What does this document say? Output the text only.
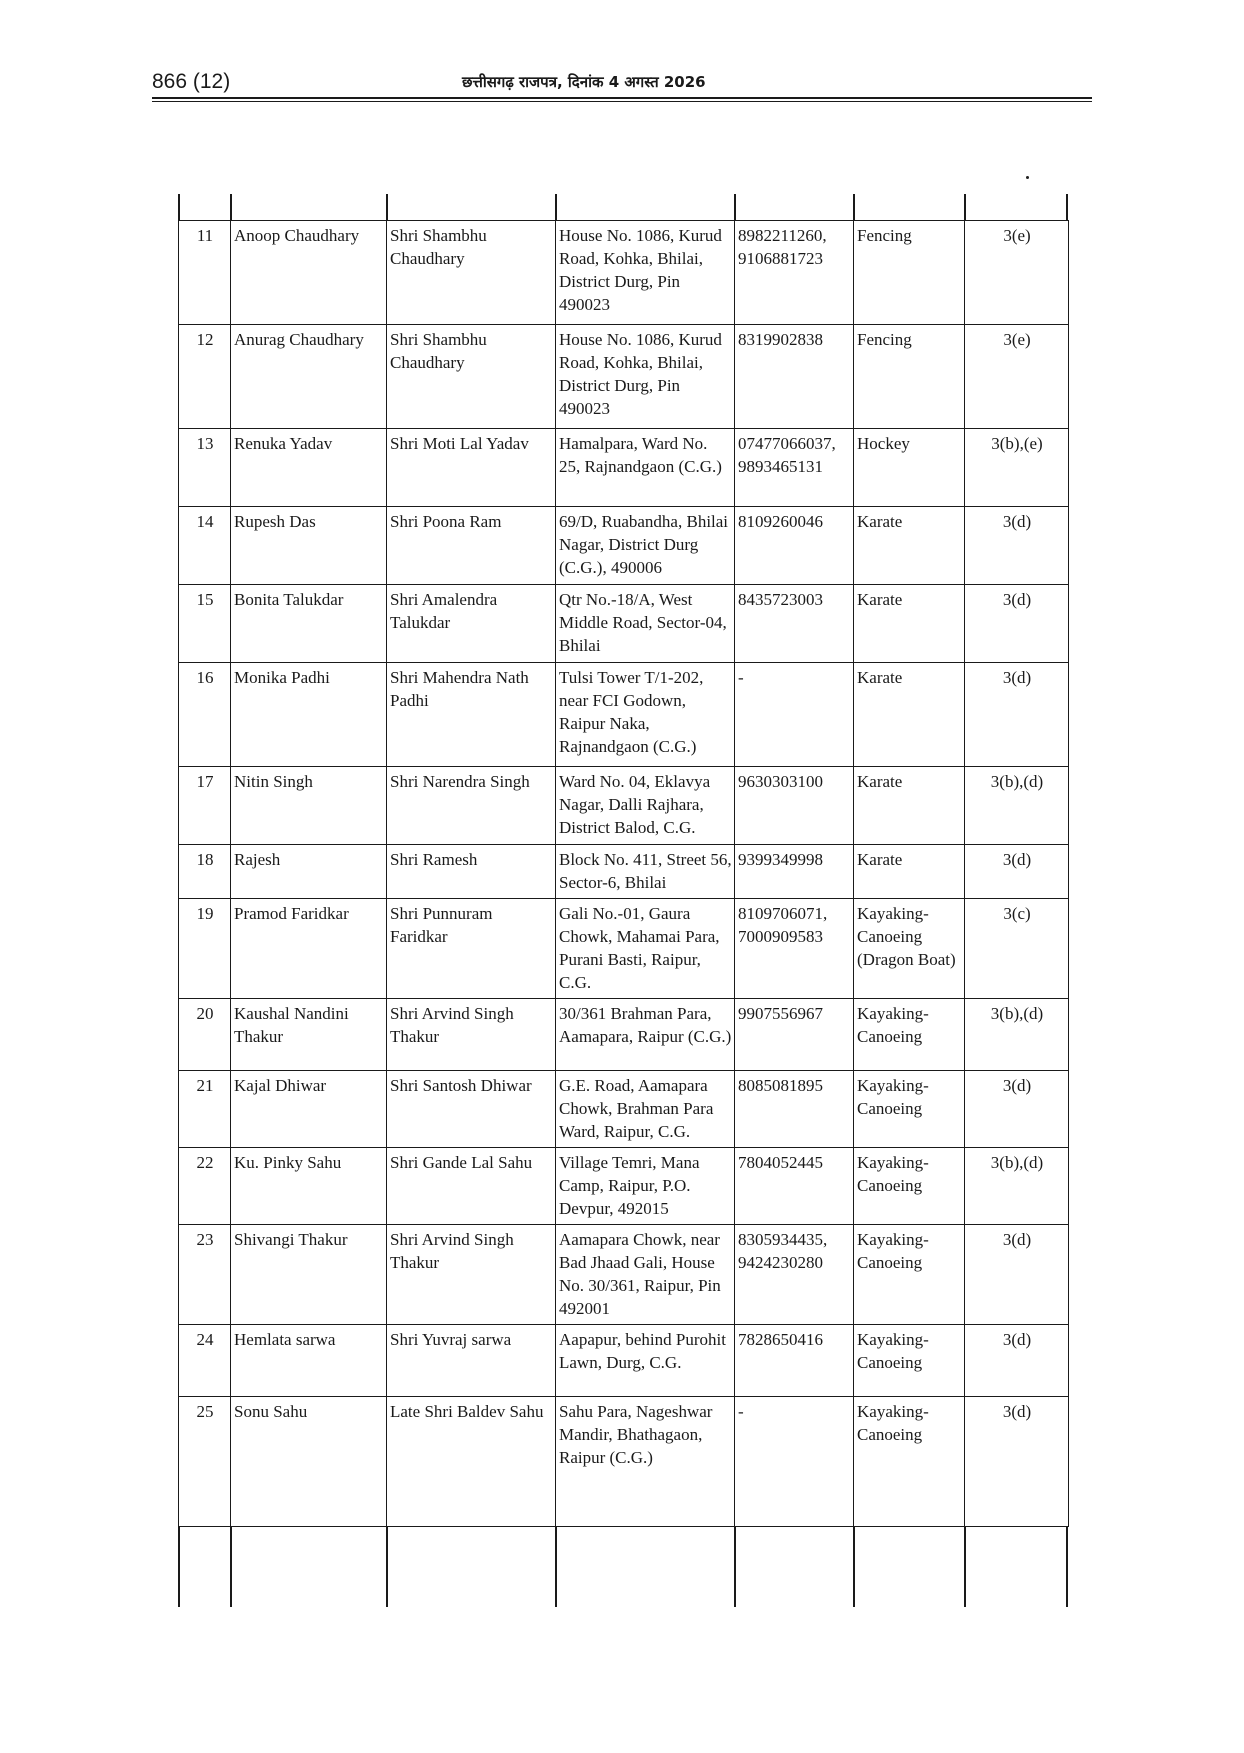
866 (12)	छत्तीसगढ़ राजपत्र, दिनांक 4 अगस्त 2026
11	Anoop Chaudhary	Shri Shambhu Chaudhary	House No. 1086, Kurud Road, Kohka, Bhilai, District Durg, Pin 490023	8982211260, 9106881723	Fencing	3(e)
12	Anurag Chaudhary	Shri Shambhu Chaudhary	House No. 1086, Kurud Road, Kohka, Bhilai, District Durg, Pin 490023	8319902838	Fencing	3(e)
13	Renuka Yadav	Shri Moti Lal Yadav	Hamalpara, Ward No. 25, Rajnandgaon (C.G.)	07477066037, 9893465131	Hockey	3(b),(e)
14	Rupesh Das	Shri Poona Ram	69/D, Ruabandha, Bhilai Nagar, District Durg (C.G.), 490006	8109260046	Karate	3(d)
15	Bonita Talukdar	Shri Amalendra Talukdar	Qtr No.-18/A, West Middle Road, Sector-04, Bhilai	8435723003	Karate	3(d)
16	Monika Padhi	Shri Mahendra Nath Padhi	Tulsi Tower T/1-202, near FCI Godown, Raipur Naka, Rajnandgaon (C.G.)	-	Karate	3(d)
17	Nitin Singh	Shri Narendra Singh	Ward No. 04, Eklavya Nagar, Dalli Rajhara, District Balod, C.G.	9630303100	Karate	3(b),(d)
18	Rajesh	Shri Ramesh	Block No. 411, Street 56, Sector-6, Bhilai	9399349998	Karate	3(d)
19	Pramod Faridkar	Shri Punnuram Faridkar	Gali No.-01, Gaura Chowk, Mahamai Para, Purani Basti, Raipur, C.G.	8109706071, 7000909583	Kayaking-Canoeing (Dragon Boat)	3(c)
20	Kaushal Nandini Thakur	Shri Arvind Singh Thakur	30/361 Brahman Para, Aamapara, Raipur (C.G.)	9907556967	Kayaking-Canoeing	3(b),(d)
21	Kajal Dhiwar	Shri Santosh Dhiwar	G.E. Road, Aamapara Chowk, Brahman Para Ward, Raipur, C.G.	8085081895	Kayaking-Canoeing	3(d)
22	Ku. Pinky Sahu	Shri Gande Lal Sahu	Village Temri, Mana Camp, Raipur, P.O. Devpur, 492015	7804052445	Kayaking-Canoeing	3(b),(d)
23	Shivangi Thakur	Shri Arvind Singh Thakur	Aamapara Chowk, near Bad Jhaad Gali, House No. 30/361, Raipur, Pin 492001	8305934435, 9424230280	Kayaking-Canoeing	3(d)
24	Hemlata sarwa	Shri Yuvraj sarwa	Aapapur, behind Purohit Lawn, Durg, C.G.	7828650416	Kayaking-Canoeing	3(d)
25	Sonu Sahu	Late Shri Baldev Sahu	Sahu Para, Nageshwar Mandir, Bhathagaon, Raipur (C.G.)	-	Kayaking-Canoeing	3(d)
